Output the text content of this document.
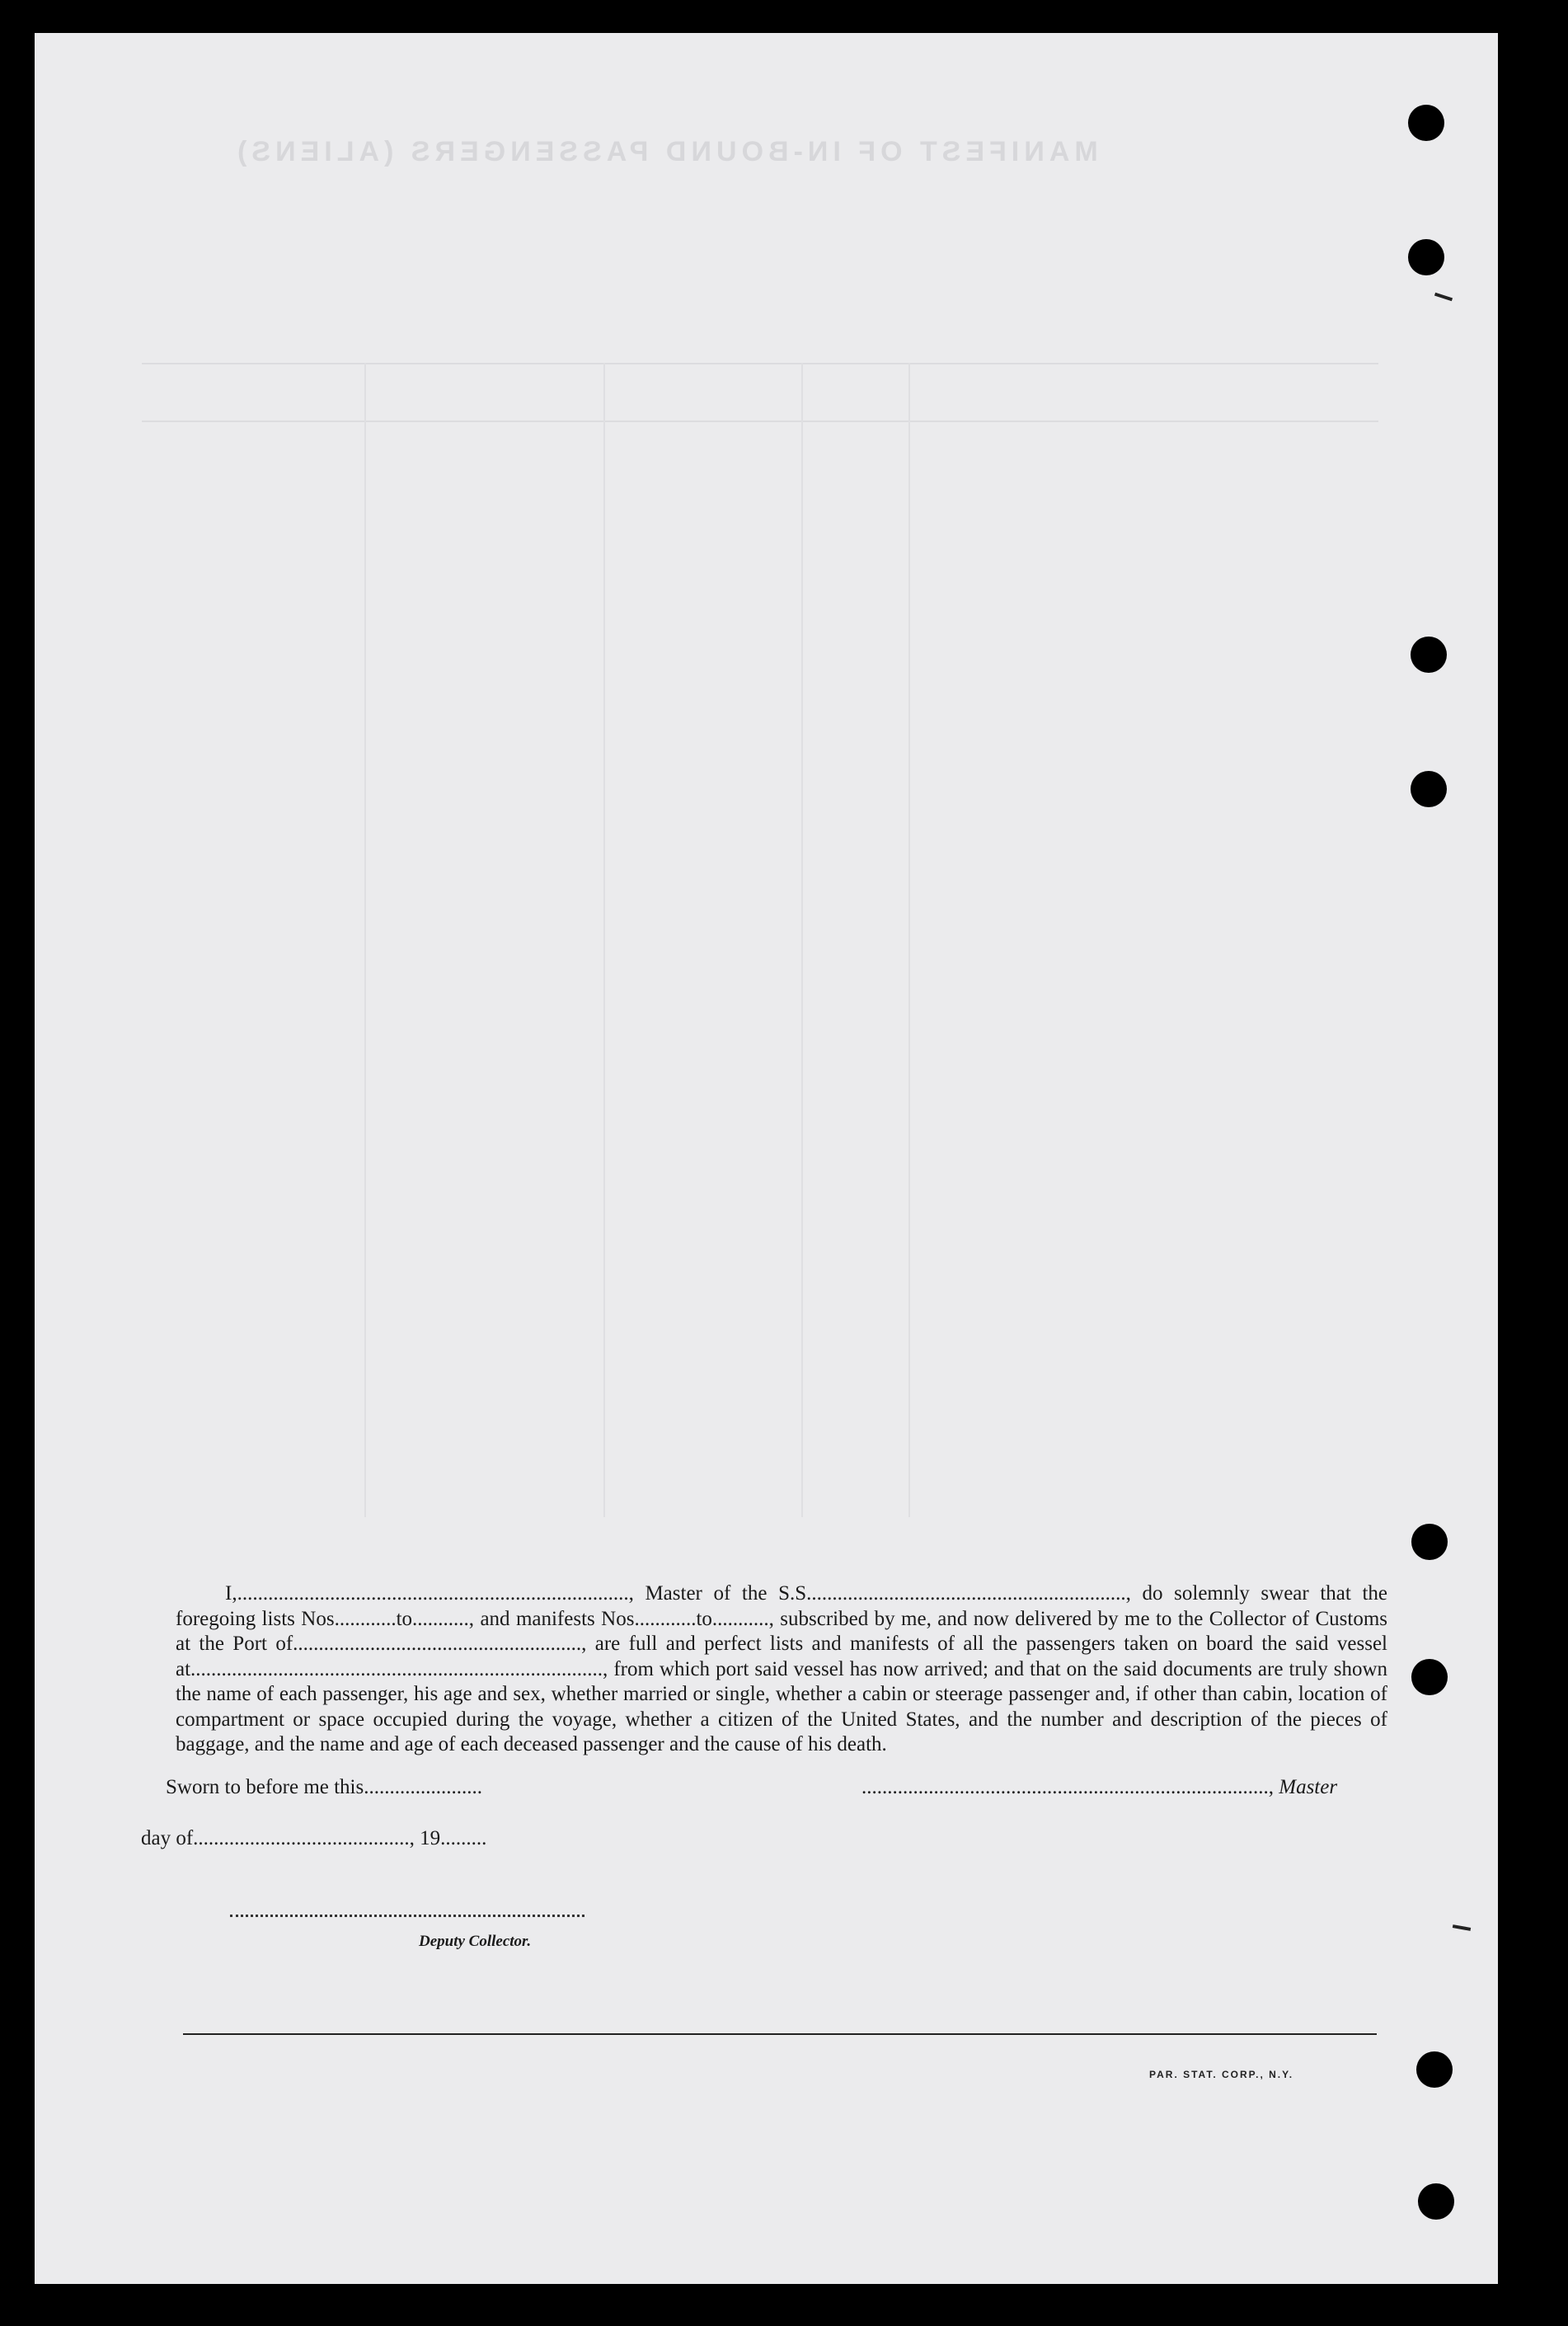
MANIFEST OF IN-BOUND PASSENGERS (ALIENS)

I,............................................................................, Master of the S.S.............................................................., do solemnly swear that the foregoing lists Nos............to..........., and manifests Nos............to..........., subscribed by me, and now delivered by me to the Collector of Customs at the Port of........................................................, are full and perfect lists and manifests of all the passengers taken on board the said vessel at................................................................................, from which port said vessel has now arrived; and that on the said documents are truly shown the name of each passenger, his age and sex, whether married or single, whether a cabin or steerage passenger and, if other than cabin, location of compartment or space occupied during the voyage, whether a citizen of the United States, and the number and description of the pieces of baggage, and the name and age of each deceased passenger and the cause of his death.

Sworn to before me this.......................	..............................................................................., Master
day of.........................................., 19.........
Deputy Collector.
PAR. STAT. CORP., N.Y.
